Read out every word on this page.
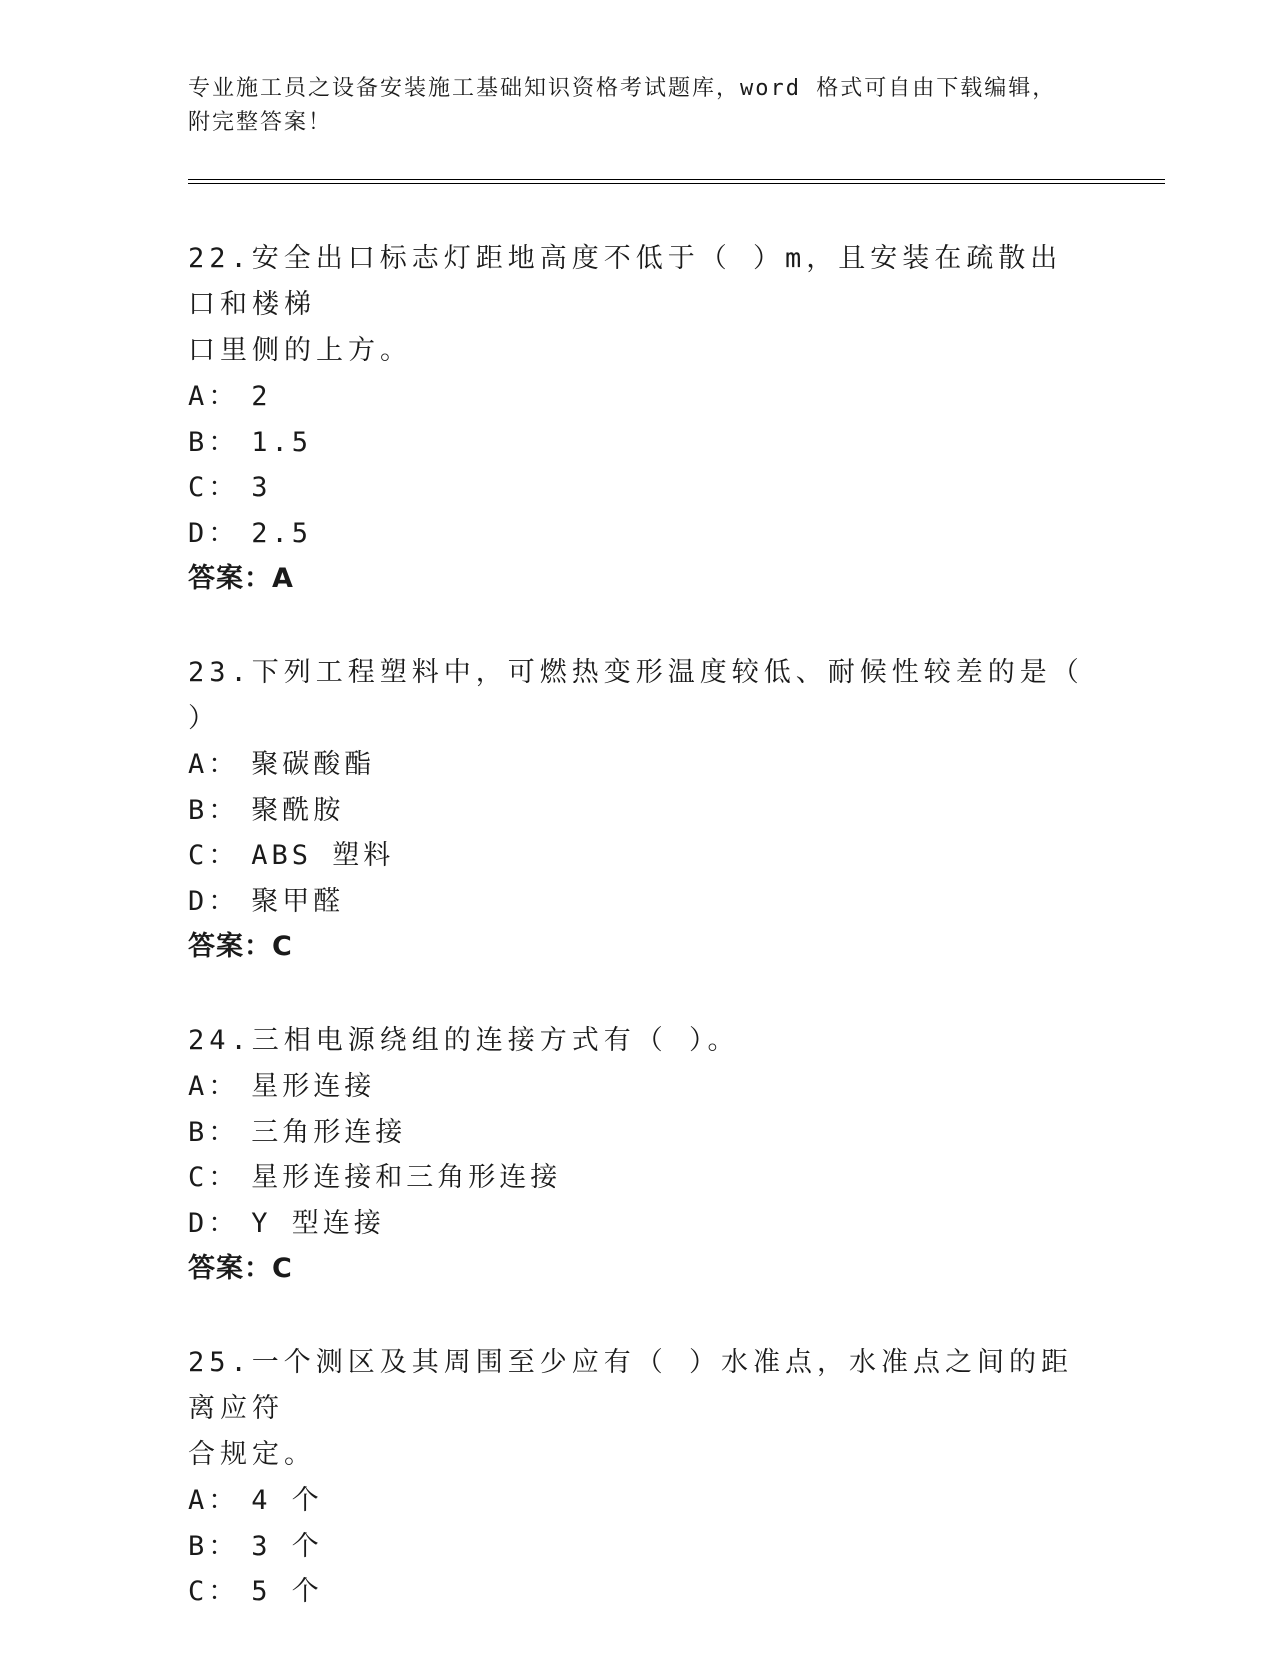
专业施工员之设备安装施工基础知识资格考试题库，word 格式可自由下载编辑，
附完整答案！
22.安全出口标志灯距地高度不低于（ ）m，且安装在疏散出口和楼梯
口里侧的上方。
A： 2
B： 1.5
C： 3
D： 2.5
答案：A
23.下列工程塑料中，可燃热变形温度较低、耐候性较差的是（ ）
A： 聚碳酸酯
B： 聚酰胺
C： ABS 塑料
D： 聚甲醛
答案：C
24.三相电源绕组的连接方式有（ ）。
A： 星形连接
B： 三角形连接
C： 星形连接和三角形连接
D： Y 型连接
答案：C
25.一个测区及其周围至少应有（ ）水准点，水准点之间的距离应符
合规定。
A： 4 个
B： 3 个
C： 5 个
